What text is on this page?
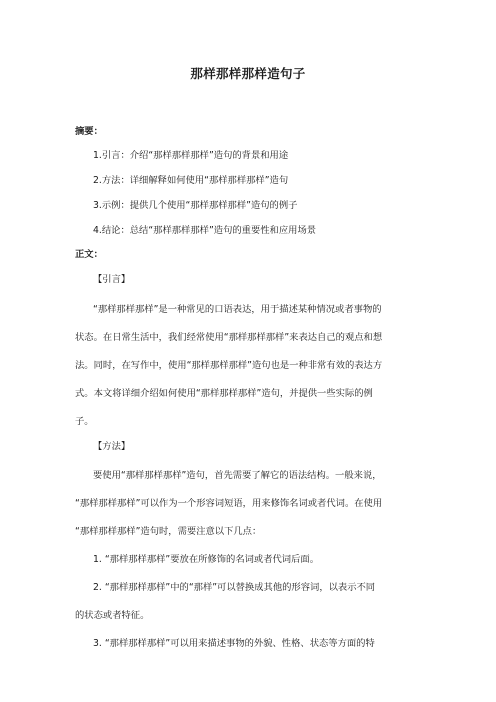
那样那样那样造句子
摘要：
1.引言：介绍“那样那样那样”造句的背景和用途
2.方法：详细解释如何使用“那样那样那样”造句
3.示例：提供几个使用“那样那样那样”造句的例子
4.结论：总结“那样那样那样”造句的重要性和应用场景
正文：
【引言】
“那样那样那样”是一种常见的口语表达，用于描述某种情况或者事物的
状态。在日常生活中，我们经常使用“那样那样那样”来表达自己的观点和想
法。同时，在写作中，使用“那样那样那样”造句也是一种非常有效的表达方
式。本文将详细介绍如何使用“那样那样那样”造句，并提供一些实际的例
子。
【方法】
要使用“那样那样那样”造句，首先需要了解它的语法结构。一般来说，
“那样那样那样”可以作为一个形容词短语，用来修饰名词或者代词。在使用
“那样那样那样”造句时，需要注意以下几点：
1. “那样那样那样”要放在所修饰的名词或者代词后面。
2. “那样那样那样”中的“那样”可以替换成其他的形容词，以表示不同
的状态或者特征。
3. “那样那样那样”可以用来描述事物的外貌、性格、状态等方面的特
